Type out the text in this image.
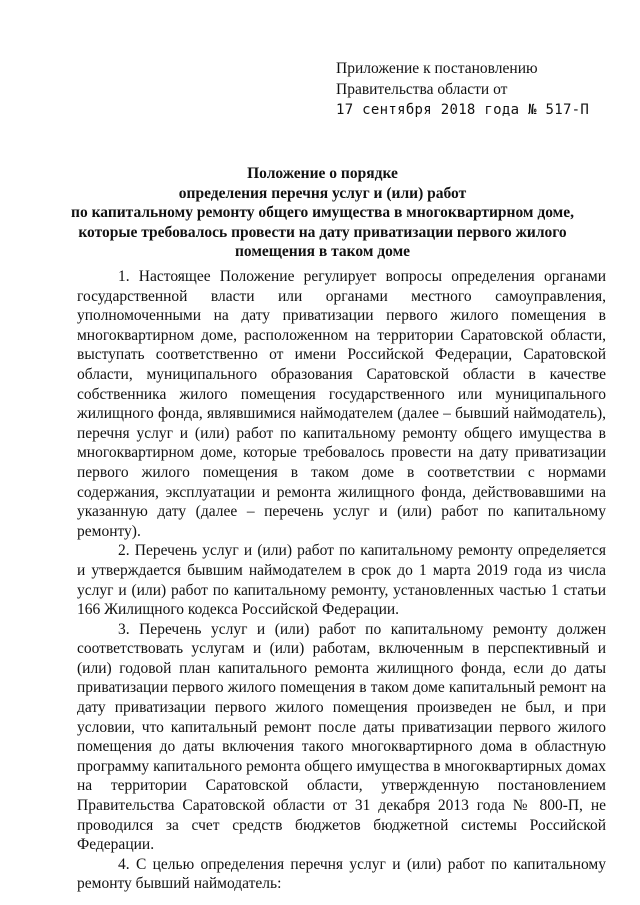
Приложение к постановлению
Правительства области от
17 сентября 2018 года № 517-П
Положение о порядке
определения перечня услуг и (или) работ
по капитальному ремонту общего имущества в многоквартирном доме,
которые требовалось провести на дату приватизации первого жилого
помещения в таком доме

1. Настоящее Положение регулирует вопросы определения органами государственной власти или органами местного самоуправления, уполномоченными на дату приватизации первого жилого помещения в многоквартирном доме, расположенном на территории Саратовской области, выступать соответственно от имени Российской Федерации, Саратовской области, муниципального образования Саратовской области в качестве собственника жилого помещения государственного или муниципального жилищного фонда, являвшимися наймодателем (далее – бывший наймодатель), перечня услуг и (или) работ по капитальному ремонту общего имущества в многоквартирном доме, которые требовалось провести на дату приватизации первого жилого помещения в таком доме в соответствии с нормами содержания, эксплуатации и ремонта жилищного фонда, действовавшими на указанную дату (далее – перечень услуг и (или) работ по капитальному ремонту).

2. Перечень услуг и (или) работ по капитальному ремонту определяется и утверждается бывшим наймодателем в срок до 1 марта 2019 года из числа услуг и (или) работ по капитальному ремонту, установленных частью 1 статьи 166 Жилищного кодекса Российской Федерации.

3. Перечень услуг и (или) работ по капитальному ремонту должен соответствовать услугам и (или) работам, включенным в перспективный и (или) годовой план капитального ремонта жилищного фонда, если до даты приватизации первого жилого помещения в таком доме капитальный ремонт на дату приватизации первого жилого помещения произведен не был, и при условии, что капитальный ремонт после даты приватизации первого жилого помещения до даты включения такого многоквартирного дома в областную программу капитального ремонта общего имущества в многоквартирных домах на территории Саратовской области, утвержденную постановлением Правительства Саратовской области от 31 декабря 2013 года № 800-П, не проводился за счет средств бюджетов бюджетной системы Российской Федерации.

4. С целью определения перечня услуг и (или) работ по капитальному ремонту бывший наймодатель:
